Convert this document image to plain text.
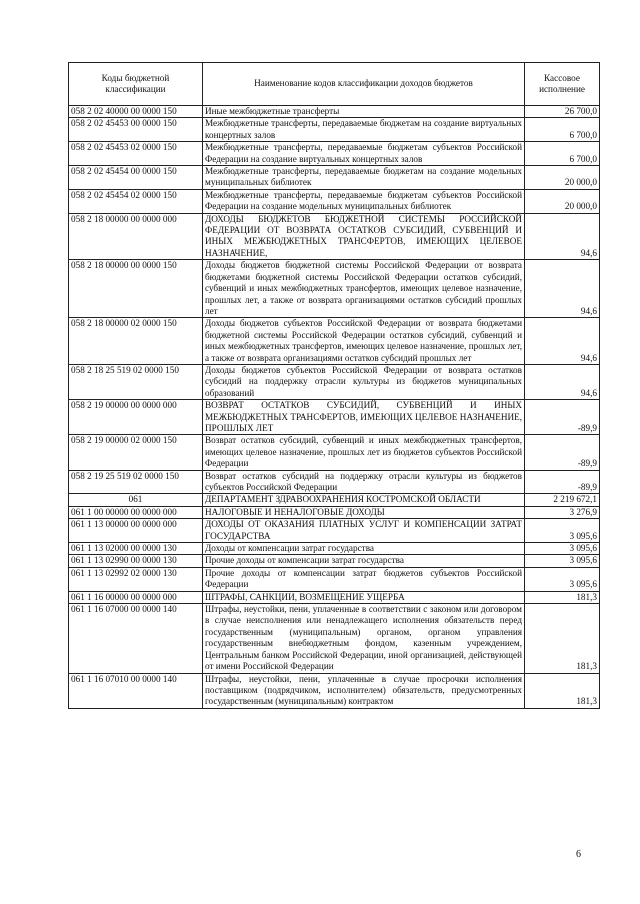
Коды бюджетной классификации	Наименование кодов классификации доходов бюджетов	Кассовое исполнение
058 2 02 40000 00 0000 150	Иные межбюджетные трансферты	26 700,0
058 2 02 45453 00 0000 150	Межбюджетные трансферты, передаваемые бюджетам на создание виртуальных концертных залов	6 700,0
058 2 02 45453 02 0000 150	Межбюджетные трансферты, передаваемые бюджетам субъектов Российской Федерации на создание виртуальных концертных залов	6 700,0
058 2 02 45454 00 0000 150	Межбюджетные трансферты, передаваемые бюджетам на создание модельных муниципальных библиотек	20 000,0
058 2 02 45454 02 0000 150	Межбюджетные трансферты, передаваемые бюджетам субъектов Российской Федерации на создание модельных муниципальных библиотек	20 000,0
058 2 18 00000 00 0000 000	ДОХОДЫ БЮДЖЕТОВ БЮДЖЕТНОЙ СИСТЕМЫ РОССИЙСКОЙ ФЕДЕРАЦИИ ОТ ВОЗВРАТА ОСТАТКОВ СУБСИДИЙ, СУБВЕНЦИЙ И ИНЫХ МЕЖБЮДЖЕТНЫХ ТРАНСФЕРТОВ, ИМЕЮЩИХ ЦЕЛЕВОЕ НАЗНАЧЕНИЕ,	94,6
058 2 18 00000 00 0000 150	Доходы бюджетов бюджетной системы Российской Федерации от возврата бюджетами бюджетной системы Российской Федерации остатков субсидий, субвенций и иных межбюджетных трансфертов, имеющих целевое назначение, прошлых лет, а также от возврата организациями остатков субсидий прошлых лет	94,6
058 2 18 00000 02 0000 150	Доходы бюджетов субъектов Российской Федерации от возврата бюджетами бюджетной системы Российской Федерации остатков субсидий, субвенций и иных межбюджетных трансфертов, имеющих целевое назначение, прошлых лет, а также от возврата организациями остатков субсидий прошлых лет	94,6
058 2 18 25 519 02 0000 150	Доходы бюджетов субъектов Российской Федерации от возврата остатков субсидий на поддержку отрасли культуры из бюджетов муниципальных образований	94,6
058 2 19 00000 00 0000 000	ВОЗВРАТ ОСТАТКОВ СУБСИДИЙ, СУБВЕНЦИЙ И ИНЫХ МЕЖБЮДЖЕТНЫХ ТРАНСФЕРТОВ, ИМЕЮЩИХ ЦЕЛЕВОЕ НАЗНАЧЕНИЕ, ПРОШЛЫХ ЛЕТ	-89,9
058 2 19 00000 02 0000 150	Возврат остатков субсидий, субвенций и иных межбюджетных трансфертов, имеющих целевое назначение, прошлых лет из бюджетов субъектов Российской Федерации	-89,9
058 2 19 25 519 02 0000 150	Возврат остатков субсидий на поддержку отрасли культуры из бюджетов субъектов Российской Федерации	-89,9
061	ДЕПАРТАМЕНТ ЗДРАВООХРАНЕНИЯ КОСТРОМСКОЙ ОБЛАСТИ	2 219 672,1
061 1 00 00000 00 0000 000	НАЛОГОВЫЕ И НЕНАЛОГОВЫЕ ДОХОДЫ	3 276,9
061 1 13 00000 00 0000 000	ДОХОДЫ ОТ ОКАЗАНИЯ ПЛАТНЫХ УСЛУГ И КОМПЕНСАЦИИ ЗАТРАТ ГОСУДАРСТВА	3 095,6
061 1 13 02000 00 0000 130	Доходы от компенсации затрат государства	3 095,6
061 1 13 02990 00 0000 130	Прочие доходы от компенсации затрат государства	3 095,6
061 1 13 02992 02 0000 130	Прочие доходы от компенсации затрат бюджетов субъектов Российской Федерации	3 095,6
061 1 16 00000 00 0000 000	ШТРАФЫ, САНКЦИИ, ВОЗМЕЩЕНИЕ УЩЕРБА	181,3
061 1 16 07000 00 0000 140	Штрафы, неустойки, пени, уплаченные в соответствии с законом или договором в случае неисполнения или ненадлежащего исполнения обязательств перед государственным (муниципальным) органом, органом управления государственным внебюджетным фондом, казенным учреждением, Центральным банком Российской Федерации, иной организацией, действующей от имени Российской Федерации	181,3
061 1 16 07010 00 0000 140	Штрафы, неустойки, пени, уплаченные в случае просрочки исполнения поставщиком (подрядчиком, исполнителем) обязательств, предусмотренных государственным (муниципальным) контрактом	181,3
6
